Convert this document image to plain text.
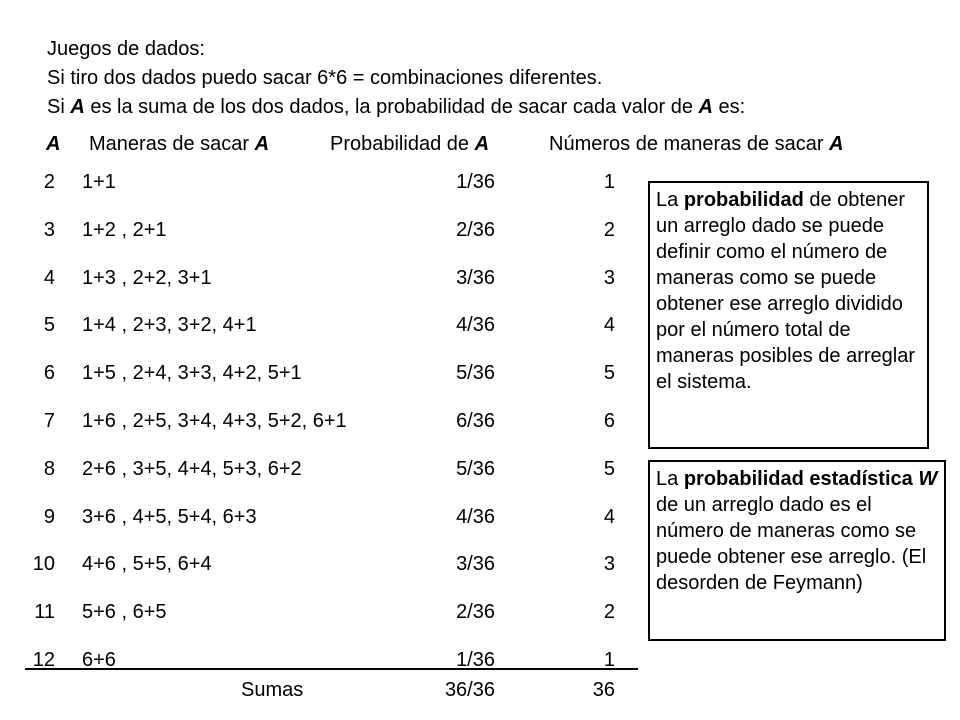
Juegos de dados:
Si tiro dos dados puedo sacar 6*6 = combinaciones diferentes.
Si A es la suma de los dos dados, la probabilidad de sacar cada valor de A es:
A Maneras de sacar A	Probabilidad de A	Números de maneras de sacar A
2 1+1	1/36	1
3 1+2 , 2+1	2/36	2
4 1+3 , 2+2, 3+1	3/36	3
5 1+4 , 2+3, 3+2, 4+1	4/36	4
6 1+5 , 2+4, 3+3, 4+2, 5+1	5/36	5
7 1+6 , 2+5, 3+4, 4+3, 5+2, 6+1	6/36	6
8 2+6 , 3+5, 4+4, 5+3, 6+2	5/36	5
9 3+6 , 4+5, 5+4, 6+3	4/36	4
10 4+6 , 5+5, 6+4	3/36	3
11 5+6 , 6+5	2/36	2
12 6+6	1/36	1
Sumas	36/36	36
La probabilidad de obtener un arreglo dado se puede definir como el número de maneras como se puede obtener ese arreglo dividido por el número total de maneras posibles de arreglar el sistema.
La probabilidad estadística W de un arreglo dado es el número de maneras como se puede obtener ese arreglo. (El desorden de Feymann)
